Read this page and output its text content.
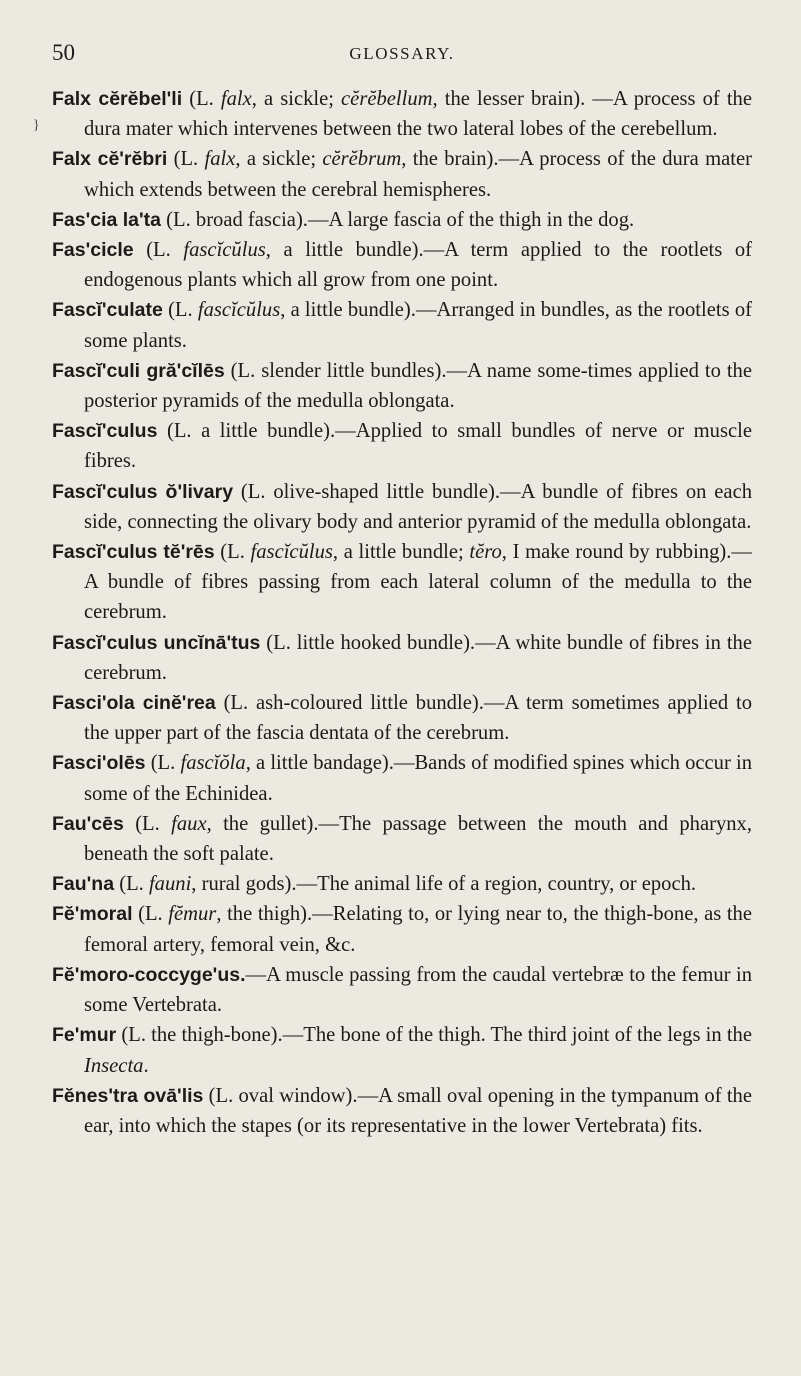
50	GLOSSARY.
}

Falx cĕrĕbel'li (L. falx, a sickle; cĕrĕbellum, the lesser brain). —A process of the dura mater which intervenes between the two lateral lobes of the cerebellum.

Falx cĕ'rĕbri (L. falx, a sickle; cĕrĕbrum, the brain).—A process of the dura mater which extends between the cerebral hemispheres.

Fas'cia la'ta (L. broad fascia).—A large fascia of the thigh in the dog.

Fas'cicle (L. fascĭcŭlus, a little bundle).—A term applied to the rootlets of endogenous plants which all grow from one point.

Fascĭ'culate (L. fascĭcŭlus, a little bundle).—Arranged in bundles, as the rootlets of some plants.

Fascĭ'culi gră'cĭlēs (L. slender little bundles).—A name some-times applied to the posterior pyramids of the medulla oblongata.

Fascĭ'culus (L. a little bundle).—Applied to small bundles of nerve or muscle fibres.

Fascĭ'culus ŏ'livary (L. olive-shaped little bundle).—A bundle of fibres on each side, connecting the olivary body and anterior pyramid of the medulla oblongata.

Fascĭ'culus tĕ'rēs (L. fascĭcŭlus, a little bundle; tĕro, I make round by rubbing).—A bundle of fibres passing from each lateral column of the medulla to the cerebrum.

Fascĭ'culus uncĭnā'tus (L. little hooked bundle).—A white bundle of fibres in the cerebrum.

Fasci'ola cinĕ'rea (L. ash-coloured little bundle).—A term sometimes applied to the upper part of the fascia dentata of the cerebrum.

Fasci'olēs (L. fascĭŏla, a little bandage).—Bands of modified spines which occur in some of the Echinidea.

Fau'cēs (L. faux, the gullet).—The passage between the mouth and pharynx, beneath the soft palate.

Fau'na (L. fauni, rural gods).—The animal life of a region, country, or epoch.

Fĕ'moral (L. fĕmur, the thigh).—Relating to, or lying near to, the thigh-bone, as the femoral artery, femoral vein, &c.

Fĕ'moro-coccyge'us.—A muscle passing from the caudal vertebræ to the femur in some Vertebrata.

Fe'mur (L. the thigh-bone).—The bone of the thigh. The third joint of the legs in the Insecta.

Fĕnes'tra ovā'lis (L. oval window).—A small oval opening in the tympanum of the ear, into which the stapes (or its representative in the lower Vertebrata) fits.
